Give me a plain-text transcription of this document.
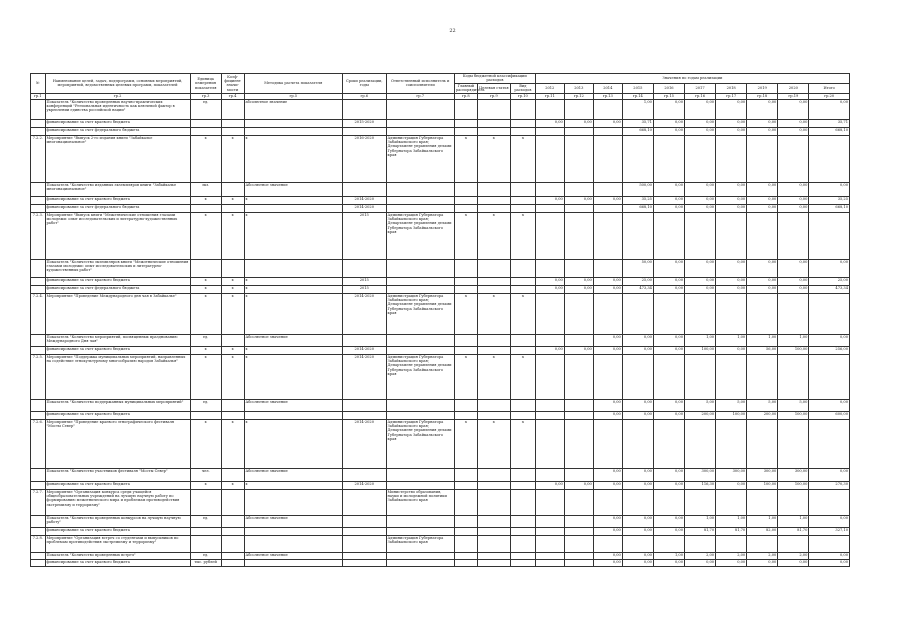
22
№	Наименование целей, задач, подпрограмм, основных мероприятий, мероприятий, ведомственных целевых программ, показателей	Единица измерения показателя	Коэф-фициент значи-мости	Методика расчета показателя	Сроки реализации, годы	Ответственный исполнитель и соисполнители	Коды бюджетной классификации расходов			Значения по годам реализации									
							Главный распорядитель	Целевая статья	Вид расходов	2012	2013	2014	2015	2016	2017	2018	2019	2020	Итого
гр.1	гр.2	гр.3	гр.4	гр.5	гр.6	гр.7	гр.8	гр.9	гр.10	гр.11	гр.12	гр.13	гр.14	гр.15	гр.16	гр.17	гр.18	гр.19	гр.20
	Показатель "Количество проведенных научно-практических конференций "Региональная идентичность как ключевой фактор в укреплении единства российской нации"	ед.		абсолютное значение									1,00	0,00	0,00	0,00	0,00	0,00	0,00
	финансирование за счет краевого бюджета				2015-2020					0,00	0,00	0,00	35,71	0,00	0,00	0,00	0,00	0,00	35,71
	финансирование за счет федерального бюджета												668,10	0,00	0,00	0,00	0,00	0,00	668,10
7.2.2.	Мероприятие "Выпуск 2-го издания книги "Забайкалье многонациональное"	х	х	х	2016-2020	Администрация Губернатора Забайкальского края; Департамент управления делами Губернатора Забайкальского края	х	х	х										
	Показатель "Количество изданных экземпляров книги "Забайкалье многонациональное"	экз.		Абсолютное значение									500,00	0,00	0,00	0,00	0,00	0,00	0,00
	финансирование за счет краевого бюджета	х	х	х	2014-2020					0,00	0,00	0,00	35,25	0,00	0,00	0,00	0,00	0,00	35,25
	финансирование за счет федерального бюджета				2014-2020								668,10	0,00	0,00	0,00	0,00	0,00	668,10
7.2.3.	Мероприятие "Выпуск книги "Межэтнические отношения глазами молодежи: опыт исследовательских и литературно-художественных работ"	х	х	х	2015	Администрация Губернатора Забайкальского края; Департамент управления делами Губернатора Забайкальского края	х	х	х										
	Показатель "Количество экземпляров книги "Межэтнические отношения глазами молодежи: опыт исследовательских и литературно-художественных работ"												50,00	0,00	0,00	0,00	0,00	0,00	0,00
	финансирование за счет краевого бюджета	х	х	х	2015					0,00	0,00	0,00	25,00	0,00	0,00	0,00	0,00	0,00	25,00
	финансирование за счет федерального бюджета	х	х	х	2015					0,00	0,00	0,00	473,34	0,00	0,00	0,00	0,00	0,00	473,34
7.2.4.	Мероприятие "Проведение Международного дня чая в Забайкалье"	х	х	х	2014-2020	Администрация Губернатора Забайкальского края; Департамент управления делами Губернатора Забайкальского края	х	х	х										
	Показатель "Количество мероприятий, посвященных празднованию Международного Дня чая"	ед.		Абсолютное значение								0,00	0,00	0,00	1,00	1,00	1,00	1,00	0,00
	финансирование за счет краевого бюджета	х	х	х	2014-2020					0,00	0,00	0,00	0,00	0,00	100,00	0,00	56,00	100,00	256,00
7.2.5.	Мероприятие "Поддержка муниципальных мероприятий, направленных на содействие этнокультурному многообразию народов Забайкалья"	х	х	х	2014-2020	Администрация Губернатора Забайкальского края; Департамент управления делами Губернатора Забайкальского края	х	х	х										
	Показатель "Количество поддержанных муниципальных мероприятий"	ед.		Абсолютное значение								0,00	0,00	0,00	5,00	5,00	5,00	5,00	0,00
	финансирование за счет краевого бюджета											0,00	0,00	0,00	200,00	100,00	200,00	100,00	600,00
7.2.6.	Мероприятие "Проведение краевого этнографического фестиваля "Мосты Север"	х	х	х	2014-2020	Администрация Губернатора Забайкальского края; Департамент управления делами Губернатора Забайкальского края	х	х	х										
	Показатель "Количество участников фестиваля "Мосты Север"	чел.		Абсолютное значение								0,00	0,00	0,00	300,00	300,00	300,00	300,00	0,00
	финансирование за счет краевого бюджета	х	х	х	2014-2020					0,00	0,00	0,00	0,00	0,00	116,30	0,00	100,00	100,00	270,30
7.2.7.	Мероприятие "Организация конкурса среди учащейся общеобразовательных учреждений на лучшую научную работу по формированию межэтнического мира и проблемам противодействия экстремизму и терроризму"					Министерство образования, науки и молодежной политики Забайкальского края													
	Показатель "Количество проведенных конкурсов на лучшую научную работу"	ед.		Абсолютное значение								0,00	0,00	0,00	1,00	1,00	1,00	1,00	0,00
	финансирование за счет краевого бюджета											0,00	0,00	0,00	81,70	81,70	82,00	81,70	327,10
7.2.8.	Мероприятие "Организация встреч со студентами и выпускников по проблемам противодействия экстремизму и терроризму"					Администрация Губернатора Забайкальского края													
	Показатель "Количество проведенных встреч"	ед.		Абсолютное значение								0,00	0,00	1,00	2,00	2,00	2,00	2,00	0,00
	финансирование за счет краевого бюджета	тыс. рублей										0,00	0,00	0,00	0,00	0,00	0,00	0,00	0,00
